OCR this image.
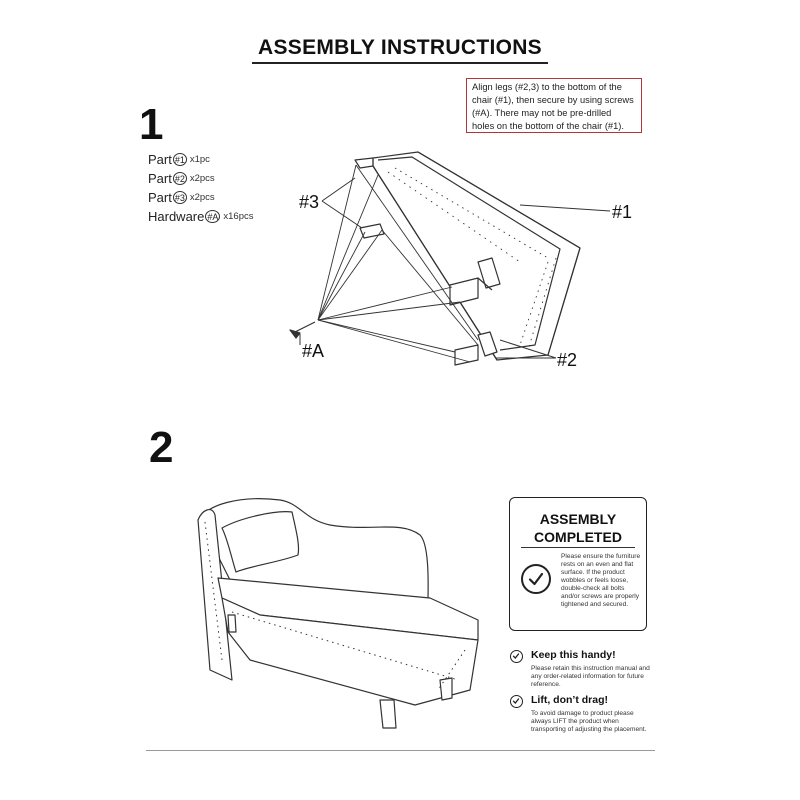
ASSEMBLY INSTRUCTIONS
1
Part #1 x1pc
Part #2 x2pcs
Part #3 x2pcs
Hardware #A x16pcs
Align legs (#2,3) to the bottom of the chair (#1), then secure by using screws (#A). There may not be pre-drilled holes on the bottom of the chair (#1).
#3	#1
#2
#A
2
ASSEMBLY
COMPLETED
Please ensure the furniture rests on an even and flat surface. If the product wobbles or feels loose, double-check all bolts and/or screws are properly tightened and secured.
Keep this handy!
Please retain this instruction manual and any order-related information for future reference.
Lift, don’t drag!
To avoid damage to product please always LIFT the product when transporting of adjusting the placement.
